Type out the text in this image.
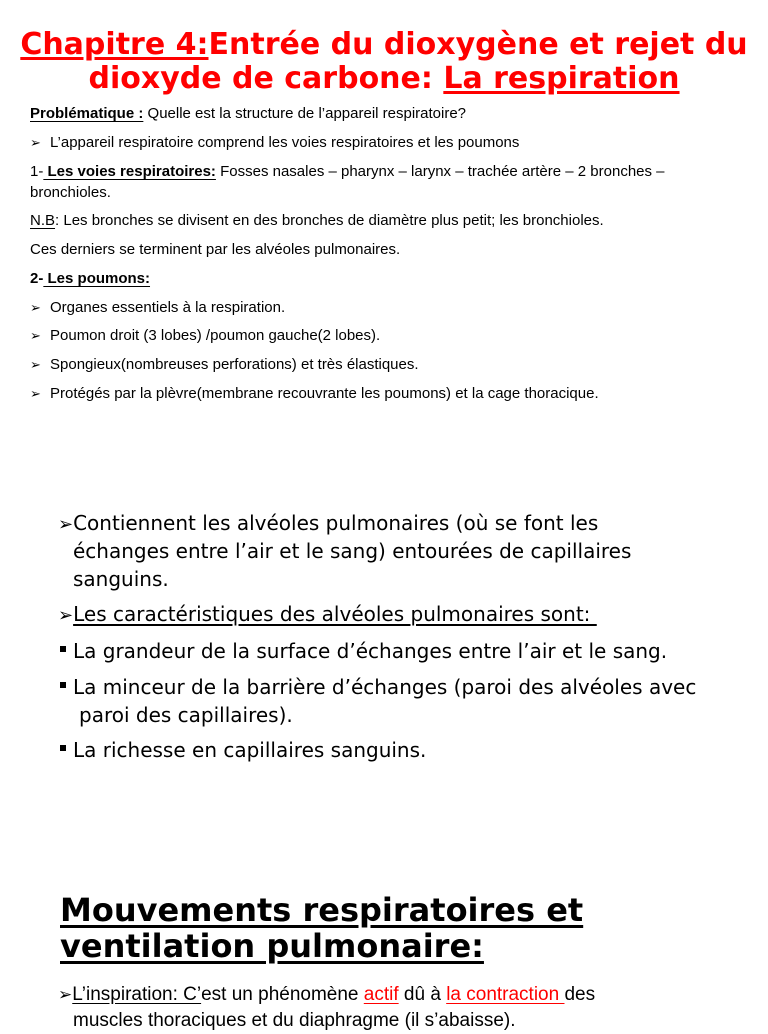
Chapitre 4:Entrée du dioxygène et rejet du dioxyde de carbone: La respiration
Problématique : Quelle est la structure de l’appareil respiratoire?
➢ L’appareil respiratoire comprend les voies respiratoires et les poumons
1- Les voies respiratoires: Fosses nasales – pharynx – larynx – trachée artère – 2 bronches –
bronchioles.
N.B: Les bronches se divisent en des bronches de diamètre plus petit; les bronchioles.
Ces derniers se terminent par les alvéoles pulmonaires.
2- Les poumons:
➢ Organes essentiels à la respiration.
➢ Poumon droit (3 lobes) /poumon gauche(2 lobes).
➢ Spongieux(nombreuses perforations) et très élastiques.
➢ Protégés par la plèvre(membrane recouvrante les poumons) et la cage thoracique.
➢Contiennent les alvéoles pulmonaires (où se font les
échanges entre l’air et le sang) entourées de capillaires
sanguins.
➢Les caractéristiques des alvéoles pulmonaires sont:
La grandeur de la surface d’échanges entre l’air et le sang.
La minceur de la barrière d’échanges (paroi des alvéoles avec
paroi des capillaires).
La richesse en capillaires sanguins.
Mouvements respiratoires et
ventilation pulmonaire:
➢L’inspiration: C’est un phénomène actif dû à la contraction des
muscles thoraciques et du diaphragme (il s’abaisse).
